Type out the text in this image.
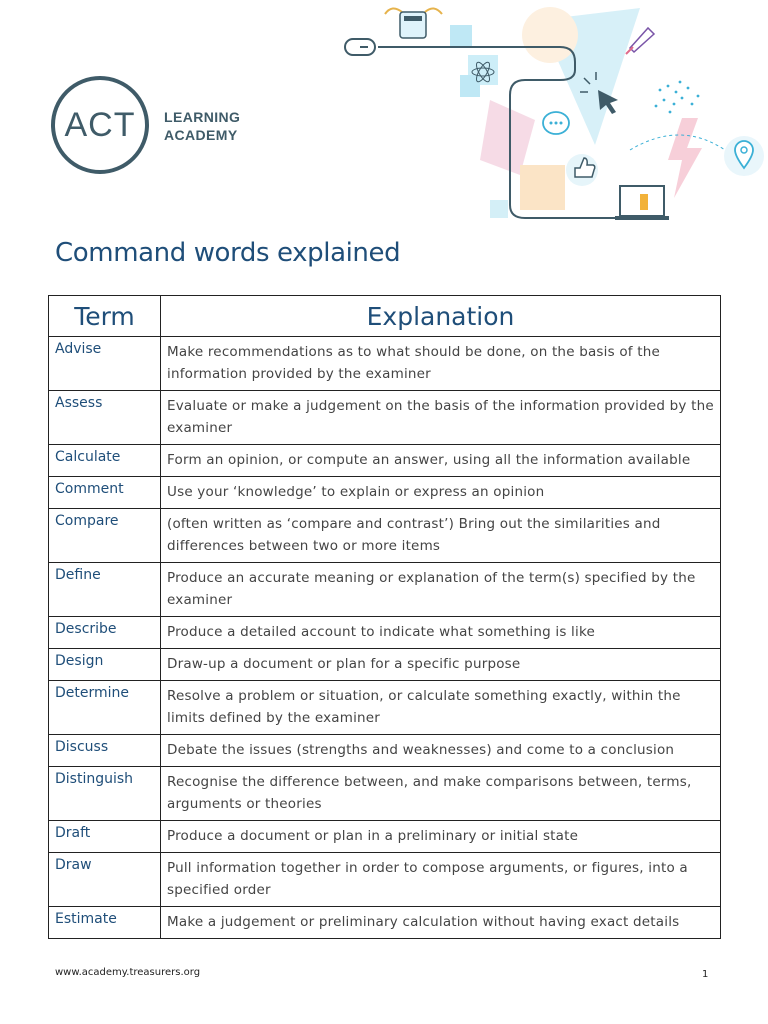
ACT LEARNING
ACADEMY
Command words explained
Term	Explanation
Advise	Make recommendations as to what should be done, on the basis of the information provided by the examiner
Assess	Evaluate or make a judgement on the basis of the information provided by the examiner
Calculate	Form an opinion, or compute an answer, using all the information available
Comment	Use your ‘knowledge’ to explain or express an opinion
Compare	(often written as ‘compare and contrast’) Bring out the similarities and differences between two or more items
Define	Produce an accurate meaning or explanation of the term(s) specified by the examiner
Describe	Produce a detailed account to indicate what something is like
Design	Draw-up a document or plan for a specific purpose
Determine	Resolve a problem or situation, or calculate something exactly, within the limits defined by the examiner
Discuss	Debate the issues (strengths and weaknesses) and come to a conclusion
Distinguish	Recognise the difference between, and make comparisons between, terms, arguments or theories
Draft	Produce a document or plan in a preliminary or initial state
Draw	Pull information together in order to compose arguments, or figures, into a specified order
Estimate	Make a judgement or preliminary calculation without having exact details
www.academy.treasurers.org	1
